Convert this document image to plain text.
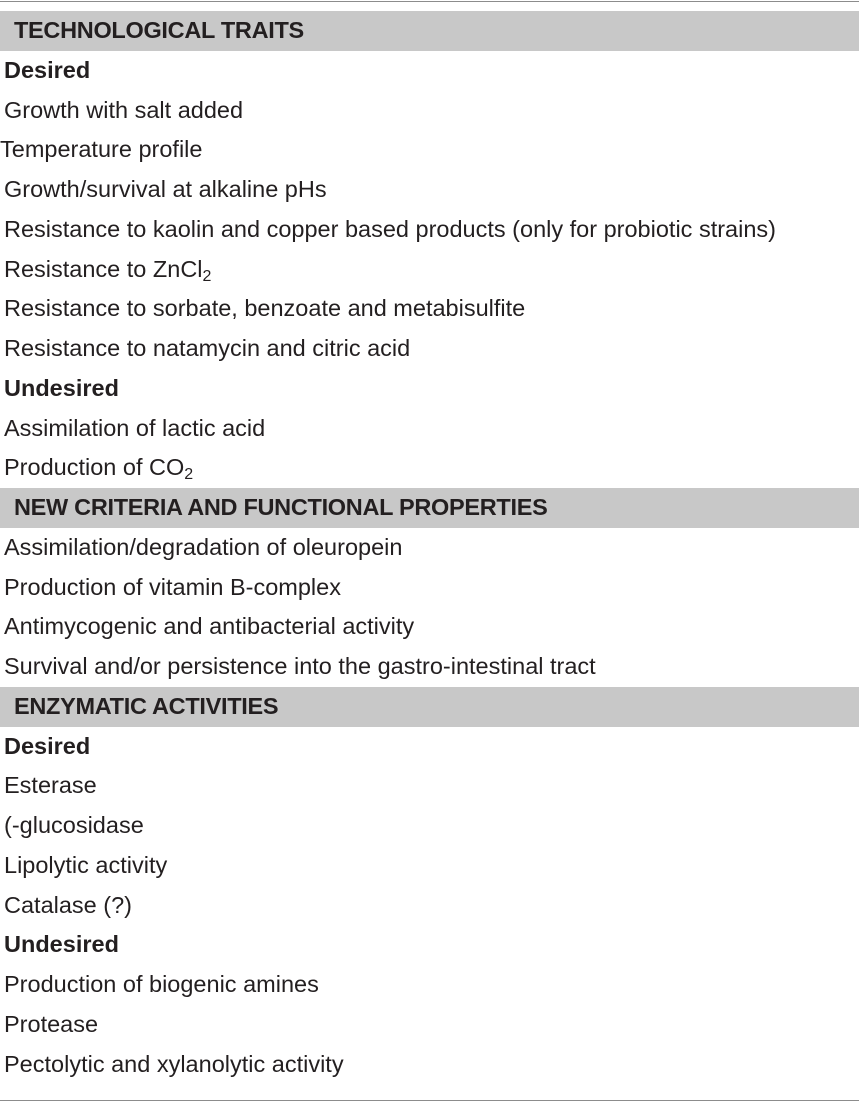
TECHNOLOGICAL TRAITS
Desired
Growth with salt added
Temperature profile
Growth/survival at alkaline pHs
Resistance to kaolin and copper based products (only for probiotic strains)
Resistance to ZnCl$_2$
Resistance to sorbate, benzoate and metabisulfite
Resistance to natamycin and citric acid
Undesired
Assimilation of lactic acid
Production of $CO_2$
NEW CRITERIA AND FUNCTIONAL PROPERTIES
Assimilation/degradation of oleuropein
Production of vitamin B-complex
Antimycogenic and antibacterial activity
Survival and/or persistence into the gastro-intestinal tract
ENZYMATIC ACTIVITIES
Desired
Esterase
(-glucosidase
Lipolytic activity
Catalase (?)
Undesired
Production of biogenic amines
Protease
Pectolytic and xylanolytic activity
